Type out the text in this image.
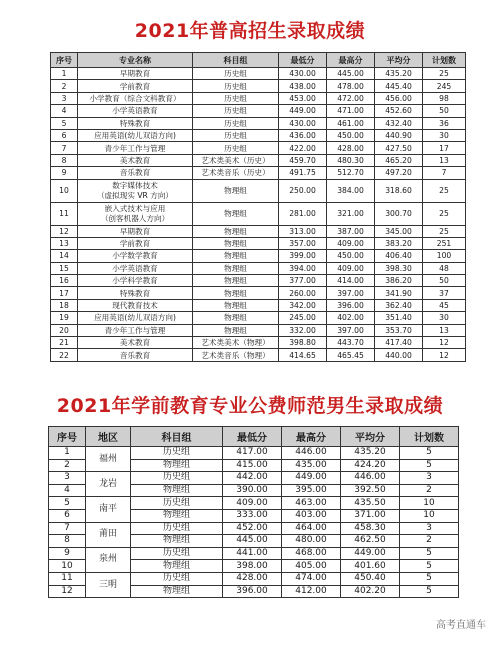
2021年普高招生录取成绩
序号	专业名称	科目组	最低分	最高分	平均分	计划数
1	早期教育	历史组	430.00	445.00	435.20	25
2	学前教育	历史组	438.00	478.00	445.40	245
3	小学教育（综合文科教育）	历史组	453.00	472.00	456.00	98
4	小学英语教育	历史组	449.00	471.00	452.60	50
5	特殊教育	历史组	430.00	461.00	432.40	36
6	应用英语(幼儿双语方向)	历史组	436.00	450.00	440.90	30
7	青少年工作与管理	历史组	422.00	428.00	427.50	17
8	美术教育	艺术类美术（历史）	459.70	480.30	465.20	13
9	音乐教育	艺术类音乐（历史）	491.75	512.70	497.20	7
10	数字媒体技术
（虚拟现实 VR 方向）	物理组	250.00	384.00	318.60	25
11	嵌入式技术与应用
（创客机器人方向）	物理组	281.00	321.00	300.70	25
12	早期教育	物理组	313.00	387.00	345.00	25
13	学前教育	物理组	357.00	409.00	383.20	251
14	小学数学教育	物理组	399.00	450.00	406.40	100
15	小学英语教育	物理组	394.00	409.00	398.30	48
16	小学科学教育	物理组	377.00	414.00	386.20	50
17	特殊教育	物理组	260.00	397.00	341.90	37
18	现代教育技术	物理组	342.00	396.00	362.40	45
19	应用英语(幼儿双语方向)	物理组	245.00	402.00	351.40	30
20	青少年工作与管理	物理组	332.00	397.00	353.70	13
21	美术教育	艺术类美术（物理）	398.80	443.70	417.40	12
22	音乐教育	艺术类音乐（物理）	414.65	465.45	440.00	12
2021年学前教育专业公费师范男生录取成绩
序号	地区	科目组	最低分	最高分	平均分	计划数
1	福州	历史组	417.00	446.00	435.20	5
2		物理组	415.00	435.00	424.20	5
3	龙岩	历史组	442.00	449.00	446.00	3
4		物理组	390.00	395.00	392.50	2
5	南平	历史组	409.00	463.00	435.50	10
6		物理组	333.00	403.00	371.00	10
7	莆田	历史组	452.00	464.00	458.30	3
8		物理组	445.00	480.00	462.50	2
9	泉州	历史组	441.00	468.00	449.00	5
10		物理组	398.00	405.00	401.60	5
11	三明	历史组	428.00	474.00	450.40	5
12		物理组	396.00	412.00	402.20	5
高考直通车
